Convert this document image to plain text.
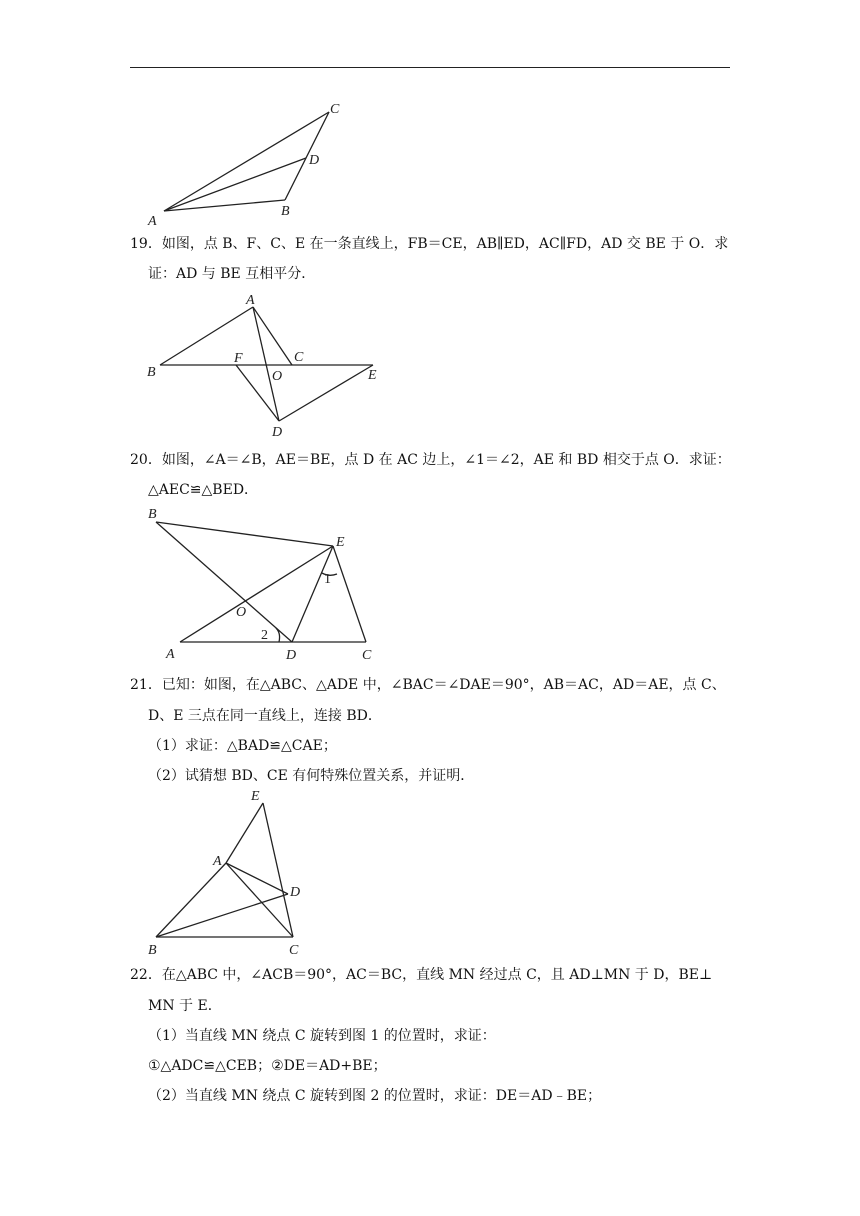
C
D
B
A
19．如图，点 B、F、C、E 在一条直线上，FB＝CE，AB∥ED，AC∥FD，AD 交 BE 于 O．求
证：AD 与 BE 互相平分．
A
B
F	C
O	E
D
20．如图，∠A＝∠B，AE＝BE，点 D 在 AC 边上，∠1＝∠2，AE 和 BD 相交于点 O．求证：
△AEC≌△BED．
B
E
1
O
2
A	D	C
21．已知：如图，在△ABC、△ADE 中，∠BAC＝∠DAE＝90°，AB＝AC，AD＝AE，点 C、
D、E 三点在同一直线上，连接 BD．
（1）求证：△BAD≌△CAE；
（2）试猜想 BD、CE 有何特殊位置关系，并证明．
E
A
D
B	C
22．在△ABC 中，∠ACB＝90°，AC＝BC，直线 MN 经过点 C，且 AD⊥MN 于 D，BE⊥
MN 于 E．
（1）当直线 MN 绕点 C 旋转到图 1 的位置时，求证：
①△ADC≌△CEB；②DE＝AD+BE；
（2）当直线 MN 绕点 C 旋转到图 2 的位置时，求证：DE＝AD﹣BE；
